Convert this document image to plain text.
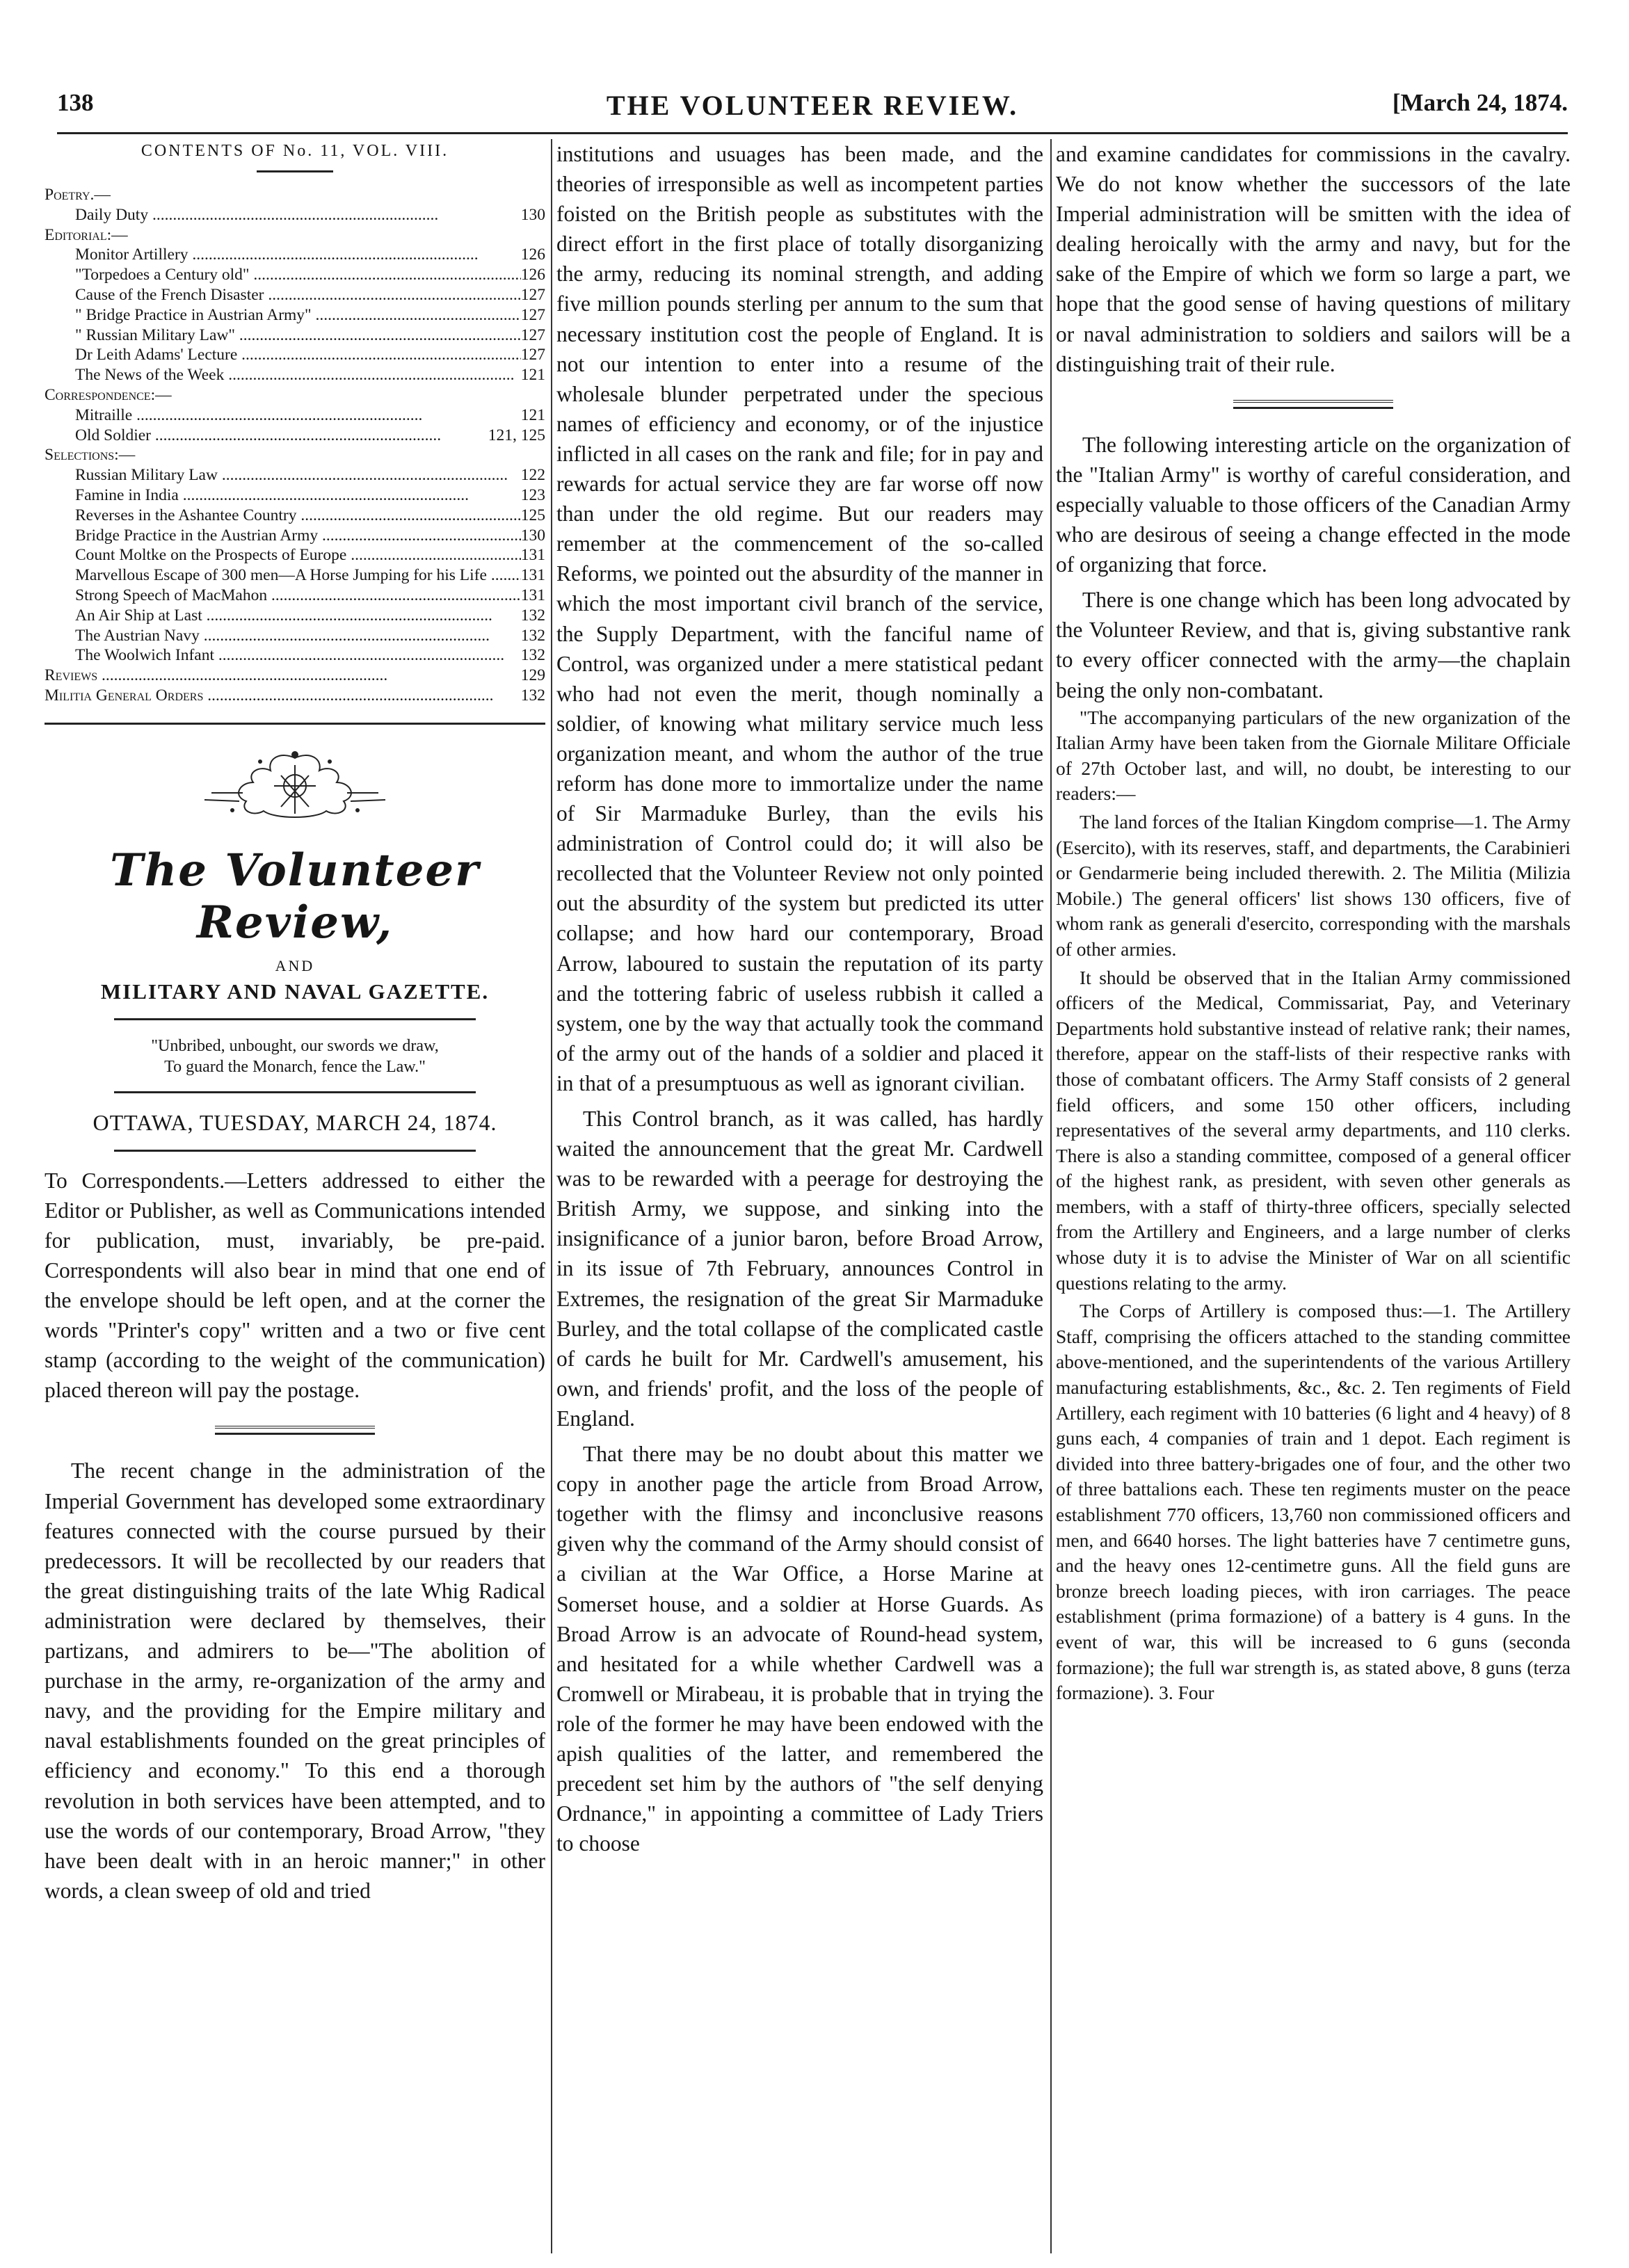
138	THE VOLUNTEER REVIEW.	[March 24, 1874.
CONTENTS OF No. 11, VOL. VIII.
Poetry.—
Daily Duty .....	130
Editorial:—
Monitor Artillery .....	126
"Torpedoes a Century old" .....	126
Cause of the French Disaster .....	127
" Bridge Practice in Austrian Army" .....	127
" Russian Military Law" .....	127
Dr Leith Adams' Lecture .....	127
The News of the Week .....	121
Correspondence:—
Mitraille .....	121
Old Soldier .....	121, 125
Selections:—
Russian Military Law .....	122
Famine in India .....	123
Reverses in the Ashantee Country .....	125
Bridge Practice in the Austrian Army .....	130
Count Moltke on the Prospects of Europe .....	131
Marvellous Escape of 300 men—A Horse Jumping for his Life .....	131
Strong Speech of MacMahon .....	131
An Air Ship at Last .....	132
The Austrian Navy .....	132
The Woolwich Infant .....	132
Reviews .....	129
Militia General Orders .....	132
The Volunteer Review,
AND
MILITARY AND NAVAL GAZETTE.
"Unbribed, unbought, our swords we draw,
To guard the Monarch, fence the Law."
OTTAWA, TUESDAY, MARCH 24, 1874.

To Correspondents.—Letters addressed to either the Editor or Publisher, as well as Communications intended for publication, must, invariably, be pre-paid. Correspondents will also bear in mind that one end of the envelope should be left open, and at the corner the words "Printer's copy" written and a two or five cent stamp (according to the weight of the communication) placed thereon will pay the postage.

The recent change in the administration of the Imperial Government has developed some extraordinary features connected with the course pursued by their predecessors. It will be recollected by our readers that the great distinguishing traits of the late Whig Radical administration were declared by themselves, their partizans, and admirers to be—"The abolition of purchase in the army, re-organization of the army and navy, and the providing for the Empire military and naval establishments founded on the great principles of efficiency and economy." To this end a thorough revolution in both services have been attempted, and to use the words of our contemporary, Broad Arrow, "they have been dealt with in an heroic manner;" in other words, a clean sweep of old and tried

institutions and usuages has been made, and the theories of irresponsible as well as incompetent parties foisted on the British people as substitutes with the direct effort in the first place of totally disorganizing the army, reducing its nominal strength, and adding five million pounds sterling per annum to the sum that necessary institution cost the people of England. It is not our intention to enter into a resume of the wholesale blunder perpetrated under the specious names of efficiency and economy, or of the injustice inflicted in all cases on the rank and file; for in pay and rewards for actual service they are far worse off now than under the old regime. But our readers may remember at the commencement of the so-called Reforms, we pointed out the absurdity of the manner in which the most important civil branch of the service, the Supply Department, with the fanciful name of Control, was organized under a mere statistical pedant who had not even the merit, though nominally a soldier, of knowing what military service much less organization meant, and whom the author of the true reform has done more to immortalize under the name of Sir Marmaduke Burley, than the evils his administration of Control could do; it will also be recollected that the Volunteer Review not only pointed out the absurdity of the system but predicted its utter collapse; and how hard our contemporary, Broad Arrow, laboured to sustain the reputation of its party and the tottering fabric of useless rubbish it called a system, one by the way that actually took the command of the army out of the hands of a soldier and placed it in that of a presumptuous as well as ignorant civilian.

This Control branch, as it was called, has hardly waited the announcement that the great Mr. Cardwell was to be rewarded with a peerage for destroying the British Army, we suppose, and sinking into the insignificance of a junior baron, before Broad Arrow, in its issue of 7th February, announces Control in Extremes, the resignation of the great Sir Marmaduke Burley, and the total collapse of the complicated castle of cards he built for Mr. Cardwell's amusement, his own, and friends' profit, and the loss of the people of England.

That there may be no doubt about this matter we copy in another page the article from Broad Arrow, together with the flimsy and inconclusive reasons given why the command of the Army should consist of a civilian at the War Office, a Horse Marine at Somerset house, and a soldier at Horse Guards. As Broad Arrow is an advocate of Round-head system, and hesitated for a while whether Cardwell was a Cromwell or Mirabeau, it is probable that in trying the role of the former he may have been endowed with the apish qualities of the latter, and remembered the precedent set him by the authors of "the self denying Ordnance," in appointing a committee of Lady Triers to choose

and examine candidates for commissions in the cavalry. We do not know whether the successors of the late Imperial administration will be smitten with the idea of dealing heroically with the army and navy, but for the sake of the Empire of which we form so large a part, we hope that the good sense of having questions of military or naval administration to soldiers and sailors will be a distinguishing trait of their rule.

The following interesting article on the organization of the "Italian Army" is worthy of careful consideration, and especially valuable to those officers of the Canadian Army who are desirous of seeing a change effected in the mode of organizing that force.

There is one change which has been long advocated by the Volunteer Review, and that is, giving substantive rank to every officer connected with the army—the chaplain being the only non-combatant.

"The accompanying particulars of the new organization of the Italian Army have been taken from the Giornale Militare Officiale of 27th October last, and will, no doubt, be interesting to our readers:—

The land forces of the Italian Kingdom comprise—1. The Army (Esercito), with its reserves, staff, and departments, the Carabinieri or Gendarmerie being included therewith. 2. The Militia (Milizia Mobile.) The general officers' list shows 130 officers, five of whom rank as generali d'esercito, corresponding with the marshals of other armies.

It should be observed that in the Italian Army commissioned officers of the Medical, Commissariat, Pay, and Veterinary Departments hold substantive instead of relative rank; their names, therefore, appear on the staff-lists of their respective ranks with those of combatant officers. The Army Staff consists of 2 general field officers, and some 150 other officers, including representatives of the several army departments, and 110 clerks. There is also a standing committee, composed of a general officer of the highest rank, as president, with seven other generals as members, with a staff of thirty-three officers, specially selected from the Artillery and Engineers, and a large number of clerks whose duty it is to advise the Minister of War on all scientific questions relating to the army.

The Corps of Artillery is composed thus:—1. The Artillery Staff, comprising the officers attached to the standing committee above-mentioned, and the superintendents of the various Artillery manufacturing establishments, &c., &c. 2. Ten regiments of Field Artillery, each regiment with 10 batteries (6 light and 4 heavy) of 8 guns each, 4 companies of train and 1 depot. Each regiment is divided into three battery-brigades one of four, and the other two of three battalions each. These ten regiments muster on the peace establishment 770 officers, 13,760 non commissioned officers and men, and 6640 horses. The light batteries have 7 centimetre guns, and the heavy ones 12-centimetre guns. All the field guns are bronze breech loading pieces, with iron carriages. The peace establishment (prima formazione) of a battery is 4 guns. In the event of war, this will be increased to 6 guns (seconda formazione); the full war strength is, as stated above, 8 guns (terza formazione). 3. Four
